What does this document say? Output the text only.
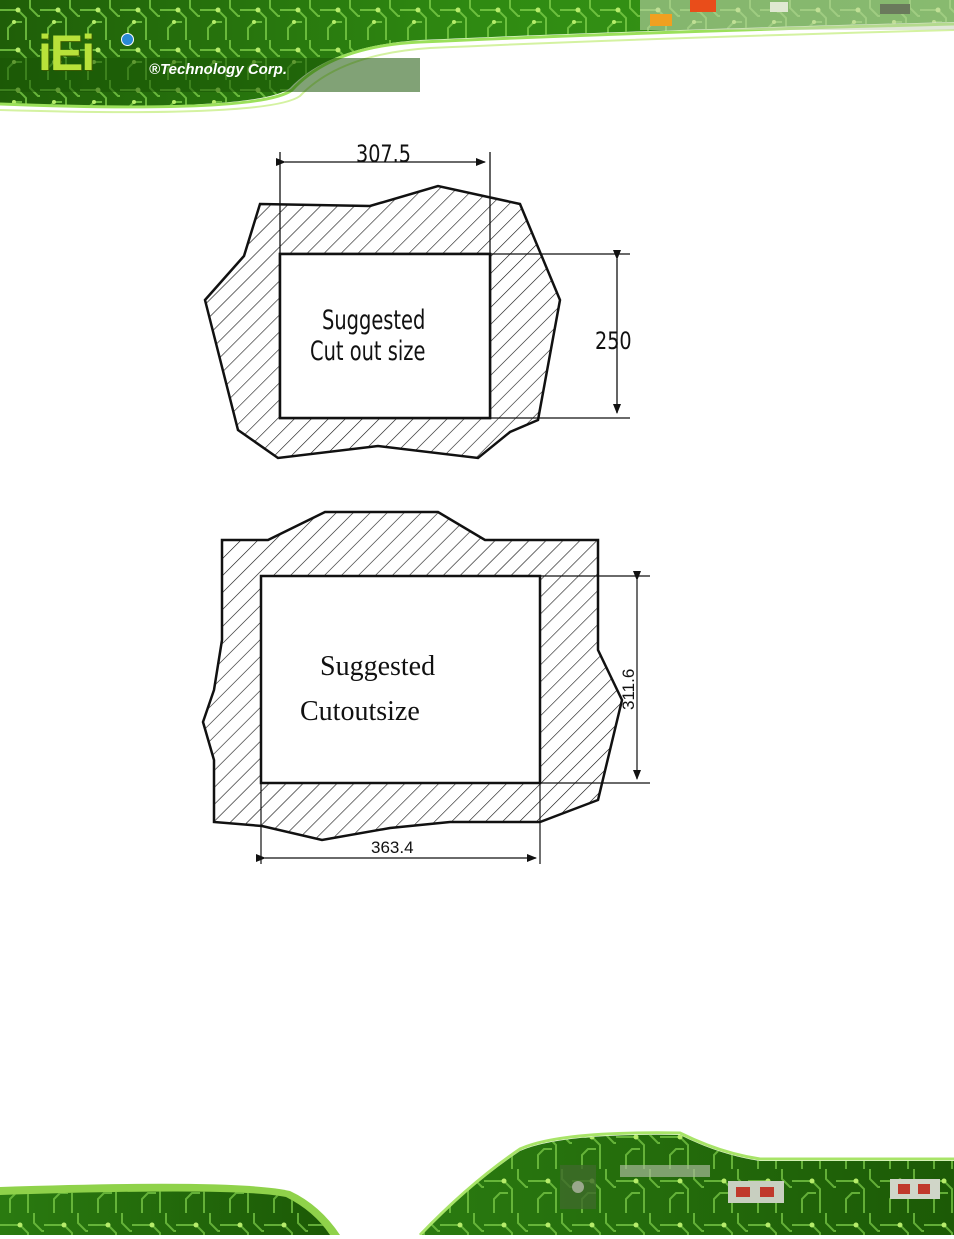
iEi	®Technology Corp.
Suggested
Cut out size
307.5
250
Suggested
Cutoutsize
363.4
311.6
